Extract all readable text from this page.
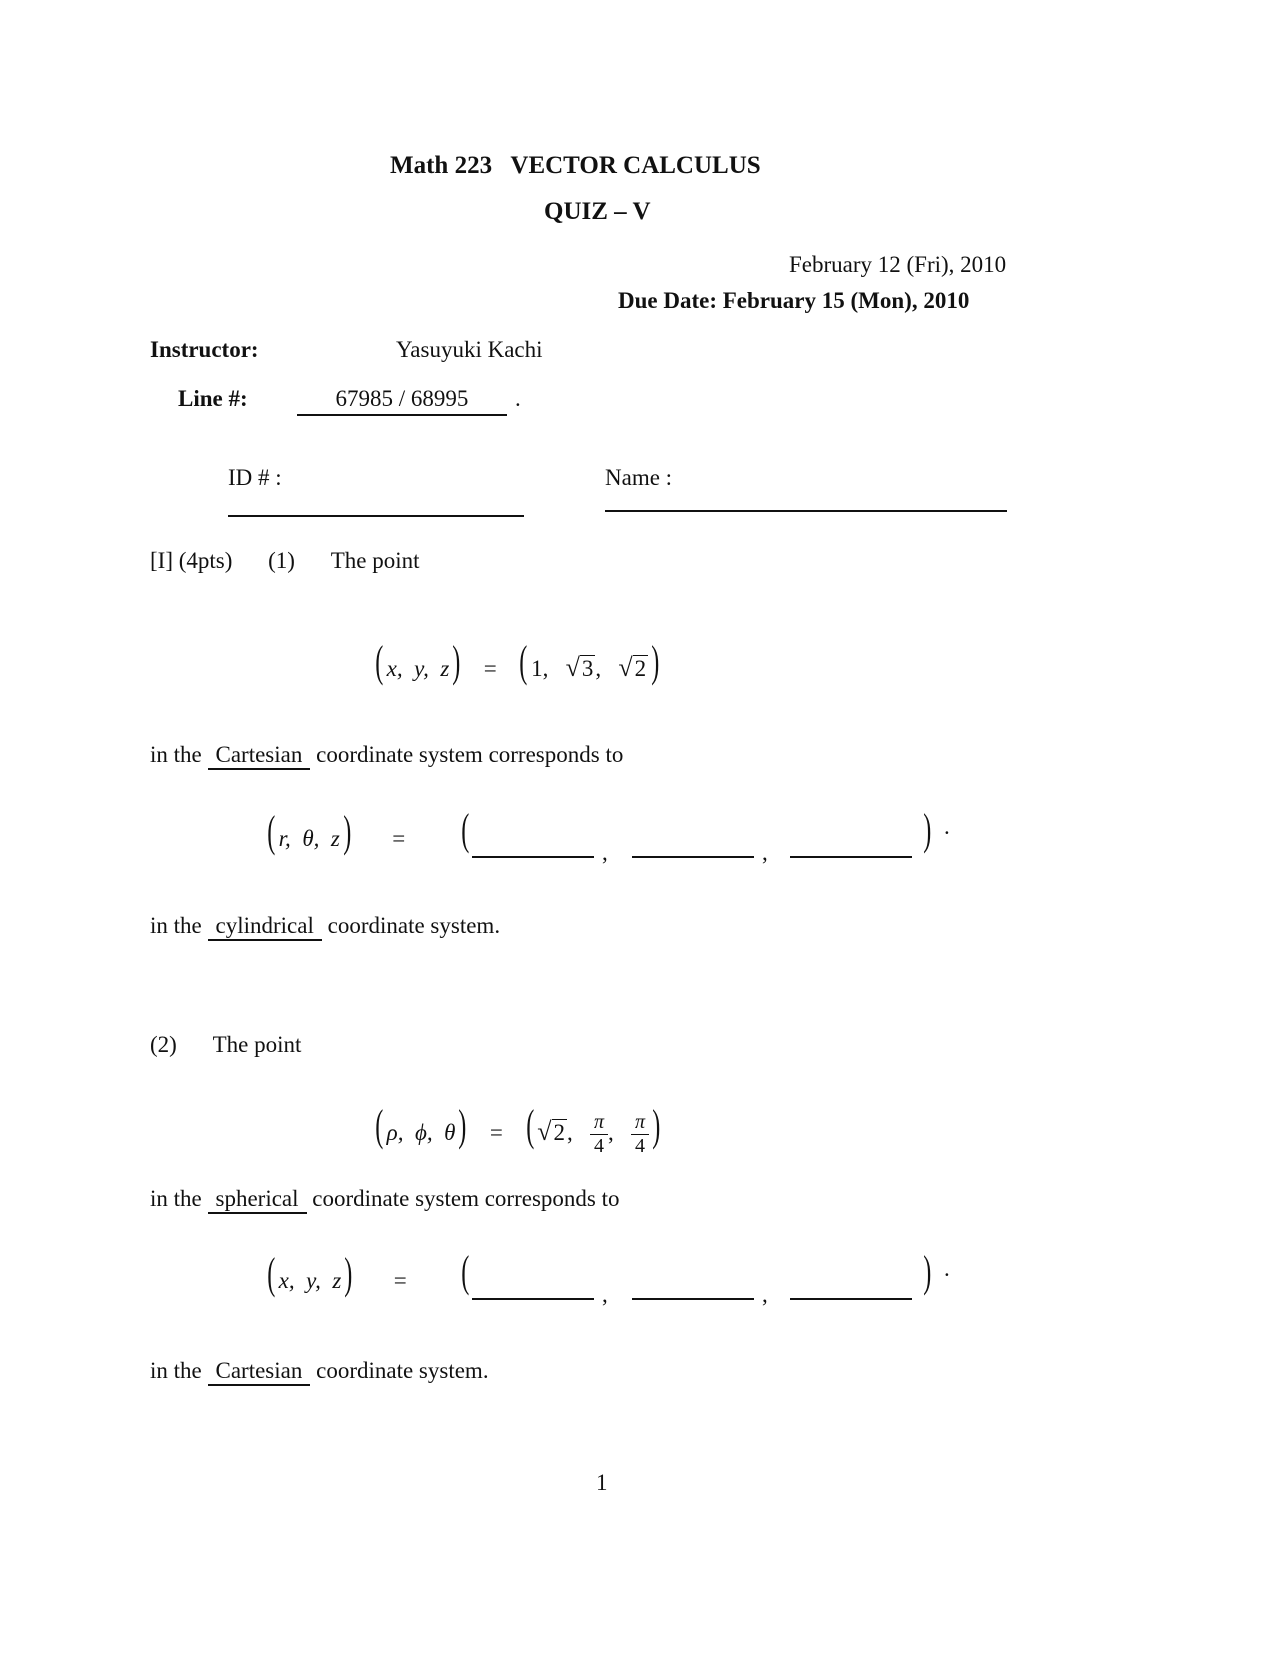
Math 223 VECTOR CALCULUS
QUIZ – V
February 12 (Fri), 2010
Due Date: February 15 (Mon), 2010
Instructor:	Yasuyuki Kachi
Line #:	67985 / 68995	.
ID # :	Name :
[I] (4pts) (1) The point
( x, y, z) = ( 1, √3,   √2 )
in the Cartesian coordinate system corresponds to
( r, θ, z) =	(	,	,	) .
in the cylindrical coordinate system.
(2) The point
( ρ, ϕ, θ) = ( √2, $\frac{\pi}{4}$ , $\frac{\pi}{4}$ )
in the spherical coordinate system corresponds to
( x, y, z) =	(	,	,	) .
in the Cartesian coordinate system.
1
